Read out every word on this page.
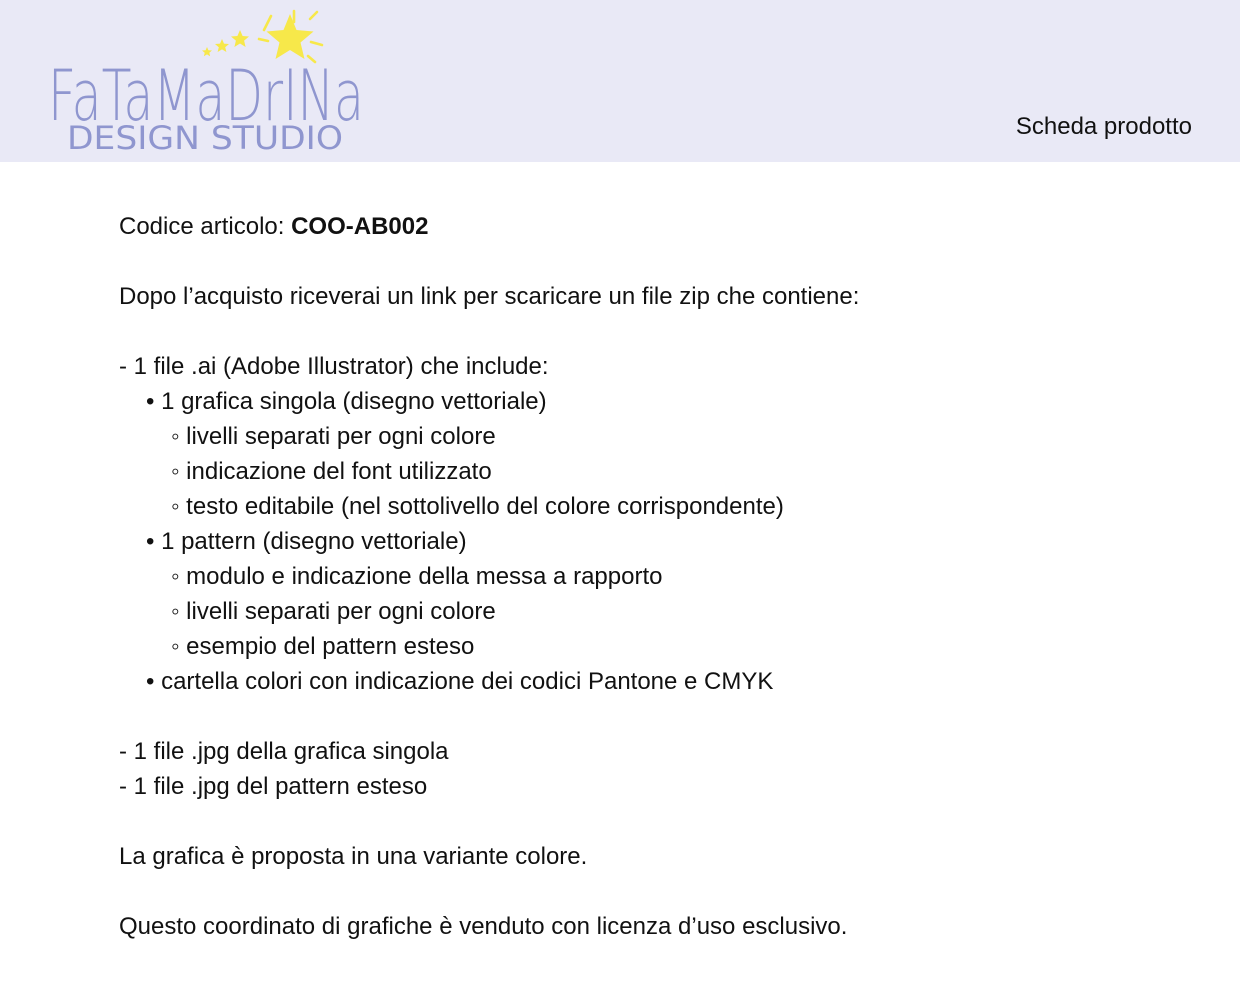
FaTaMaDrINa
DESIGN STUDIO	Scheda prodotto
Codice articolo: COO-AB002
Dopo l’acquisto riceverai un link per scaricare un file zip che contiene:
- 1 file .ai (Adobe Illustrator) che include:
• 1 grafica singola (disegno vettoriale)
◦ livelli separati per ogni colore
◦ indicazione del font utilizzato
◦ testo editabile (nel sottolivello del colore corrispondente)
• 1 pattern (disegno vettoriale)
◦ modulo e indicazione della messa a rapporto
◦ livelli separati per ogni colore
◦ esempio del pattern esteso
• cartella colori con indicazione dei codici Pantone e CMYK
- 1 file .jpg della grafica singola
- 1 file .jpg del pattern esteso
La grafica è proposta in una variante colore.
Questo coordinato di grafiche è venduto con licenza d’uso esclusivo.
